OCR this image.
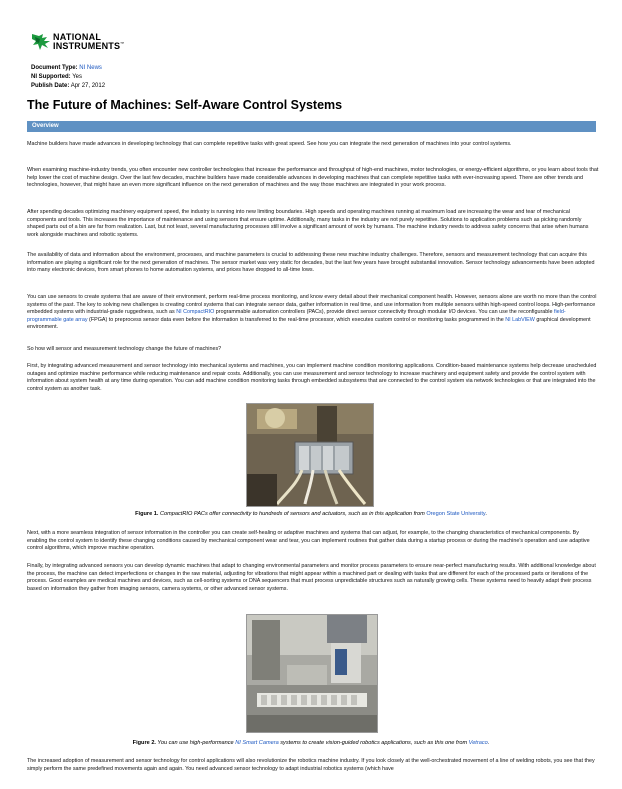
NATIONAL
INSTRUMENTS™
Document Type: NI News
NI Supported: Yes
Publish Date: Apr 27, 2012
The Future of Machines: Self-Aware Control Systems
Overview
Machine builders have made advances in developing technology that can complete repetitive tasks with great speed. See how you can integrate the next generation of machines into your control systems.
When examining machine-industry trends, you often encounter new controller technologies that increase the performance and throughput of high-end machines, motor technologies, or energy-efficient algorithms, or you learn about tools that help lower the cost of machine design. Over the last few decades, machine builders have made considerable advances in developing machines that can complete repetitive tasks with ever-increasing speed. There are other trends and technologies, however, that might have an even more significant influence on the next generation of machines and the way those machines are integrated in your work process.
After spending decades optimizing machinery equipment speed, the industry is running into new limiting boundaries. High speeds and operating machines running at maximum load are increasing the wear and tear of mechanical components and tools. This increases the importance of maintenance and using sensors that ensure uptime. Additionally, many tasks in the industry are not purely repetitive. Solutions to application problems such as picking randomly shaped parts out of a bin are far from realization. Last, but not least, several manufacturing processes still involve a significant amount of work by humans. The machine industry needs to address safety concerns that arise when humans work alongside machines and robotic systems.
The availability of data and information about the environment, processes, and machine parameters is crucial to addressing these new machine industry challenges. Therefore, sensors and measurement technology that can acquire this information are playing a significant role for the next generation of machines. The sensor market was very static for decades, but the last few years have brought substantial innovation. Sensor technology advancements have been adopted into many electronic devices, from smart phones to home automation systems, and prices have dropped to all-time lows.
You can use sensors to create systems that are aware of their environment, perform real-time process monitoring, and know every detail about their mechanical component health. However, sensors alone are worth no more than the control systems of the past. The key to solving new challenges is creating control systems that can integrate sensor data, gather information in real time, and use information from multiple sensors within high-speed control loops. High-performance embedded systems with industrial-grade ruggedness, such as NI CompactRIO programmable automation controllers (PACs), provide direct sensor connectivity through modular I/O devices. You can use the reconfigurable field-programmable gate array (FPGA) to preprocess sensor data even before the information is transferred to the real-time processor, which executes custom control or monitoring tasks programmed in the NI LabVIEW graphical development environment.
So how will sensor and measurement technology change the future of machines?
First, by integrating advanced measurement and sensor technology into mechanical systems and machines, you can implement machine condition monitoring applications. Condition-based maintenance systems help decrease unscheduled outages and optimize machine performance while reducing maintenance and repair costs. Additionally, you can use measurement and sensor technology to increase machinery and equipment safety and provide the control system with information about system health at any time during operation. You can add machine condition monitoring tasks through embedded subsystems that are connected to the control system via network technologies or that are integrated into the control system as another task.
Figure 1. CompactRIO PACs offer connectivity to hundreds of sensors and actuators, such as in this application from Oregon State University.
Next, with a more seamless integration of sensor information in the controller you can create self-healing or adaptive machines and systems that can adjust, for example, to the changing characteristics of mechanical components. By enabling the control system to identify these changing conditions caused by mechanical component wear and tear, you can implement routines that gather data during a startup process or during the machine's operation and use adaptive control algorithms, which improve machine operation.
Finally, by integrating advanced sensors you can develop dynamic machines that adapt to changing environmental parameters and monitor process parameters to ensure near-perfect manufacturing results. With additional knowledge about the process, the machine can detect imperfections or changes in the raw material, adjusting for vibrations that might appear within a machined part or dealing with tasks that are different for each of the processed parts or iterations of the process. Good examples are medical machines and devices, such as cell-sorting systems or DNA sequencers that must process unpredictable structures such as naturally growing cells. These systems need to heavily adapt their process based on information they gather from imaging sensors, camera systems, or other advanced sensor systems.
Figure 2. You can use high-performance NI Smart Camera systems to create vision-guided robotics applications, such as this one from Vetraco.
The increased adoption of measurement and sensor technology for control applications will also revolutionize the robotics machine industry. If you look closely at the well-orchestrated movement of a line of welding robots, you see that they simply perform the same predefined movements again and again. You need advanced sensor technology to adapt industrial robotics systems (which have
